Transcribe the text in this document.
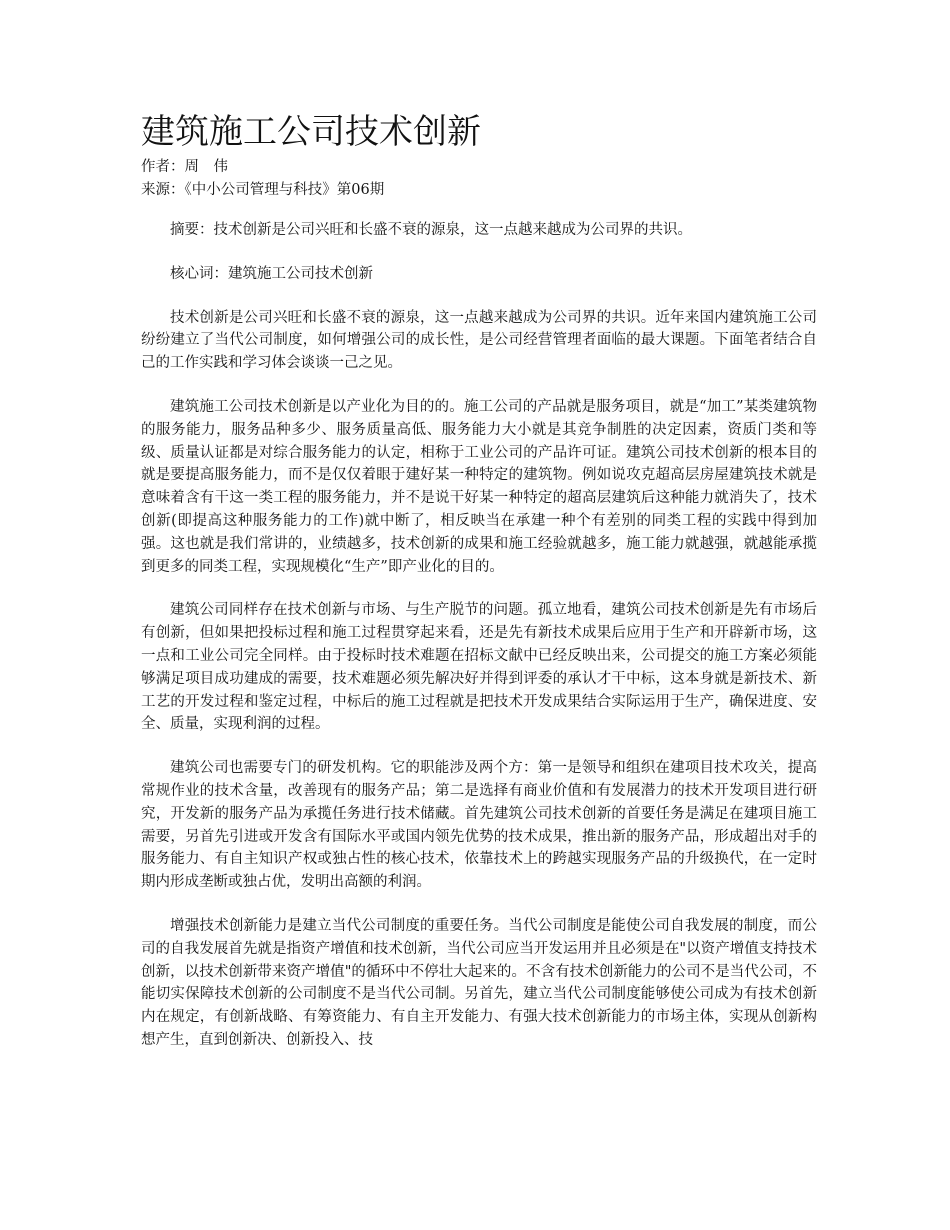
建筑施工公司技术创新

作者：周　伟

来源：《中小公司管理与科技》第06期

摘要：技术创新是公司兴旺和长盛不衰的源泉，这一点越来越成为公司界的共识。

核心词：建筑施工公司技术创新

技术创新是公司兴旺和长盛不衰的源泉，这一点越来越成为公司界的共识。近年来国内建筑施工公司纷纷建立了当代公司制度，如何增强公司的成长性，是公司经营管理者面临的最大课题。下面笔者结合自己的工作实践和学习体会谈谈一己之见。

建筑施工公司技术创新是以产业化为目的的。施工公司的产品就是服务项目，就是“加工”某类建筑物的服务能力，服务品种多少、服务质量高低、服务能力大小就是其竞争制胜的决定因素，资质门类和等级、质量认证都是对综合服务能力的认定，相称于工业公司的产品许可证。建筑公司技术创新的根本目的就是要提高服务能力，而不是仅仅着眼于建好某一种特定的建筑物。例如说攻克超高层房屋建筑技术就是意味着含有干这一类工程的服务能力，并不是说干好某一种特定的超高层建筑后这种能力就消失了，技术创新(即提高这种服务能力的工作)就中断了，相反映当在承建一种个有差别的同类工程的实践中得到加强。这也就是我们常讲的，业绩越多，技术创新的成果和施工经验就越多，施工能力就越强，就越能承揽到更多的同类工程，实现规模化“生产”即产业化的目的。

建筑公司同样存在技术创新与市场、与生产脱节的问题。孤立地看，建筑公司技术创新是先有市场后有创新，但如果把投标过程和施工过程贯穿起来看，还是先有新技术成果后应用于生产和开辟新市场，这一点和工业公司完全同样。由于投标时技术难题在招标文献中已经反映出来，公司提交的施工方案必须能够满足项目成功建成的需要，技术难题必须先解决好并得到评委的承认才干中标，这本身就是新技术、新工艺的开发过程和鉴定过程，中标后的施工过程就是把技术开发成果结合实际运用于生产，确保进度、安全、质量，实现利润的过程。

建筑公司也需要专门的研发机构。它的职能涉及两个方：第一是领导和组织在建项目技术攻关，提高常规作业的技术含量，改善现有的服务产品；第二是选择有商业价值和有发展潜力的技术开发项目进行研究，开发新的服务产品为承揽任务进行技术储藏。首先建筑公司技术创新的首要任务是满足在建项目施工需要，另首先引进或开发含有国际水平或国内领先优势的技术成果，推出新的服务产品，形成超出对手的服务能力、有自主知识产权或独占性的核心技术，依靠技术上的跨越实现服务产品的升级换代，在一定时期内形成垄断或独占优，发明出高额的利润。

增强技术创新能力是建立当代公司制度的重要任务。当代公司制度是能使公司自我发展的制度，而公司的自我发展首先就是指资产增值和技术创新，当代公司应当开发运用并且必须是在"以资产增值支持技术创新，以技术创新带来资产增值"的循环中不停壮大起来的。不含有技术创新能力的公司不是当代公司，不能切实保障技术创新的公司制度不是当代公司制。另首先，建立当代公司制度能够使公司成为有技术创新内在规定，有创新战略、有筹资能力、有自主开发能力、有强大技术创新能力的市场主体，实现从创新构想产生，直到创新决、创新投入、技
